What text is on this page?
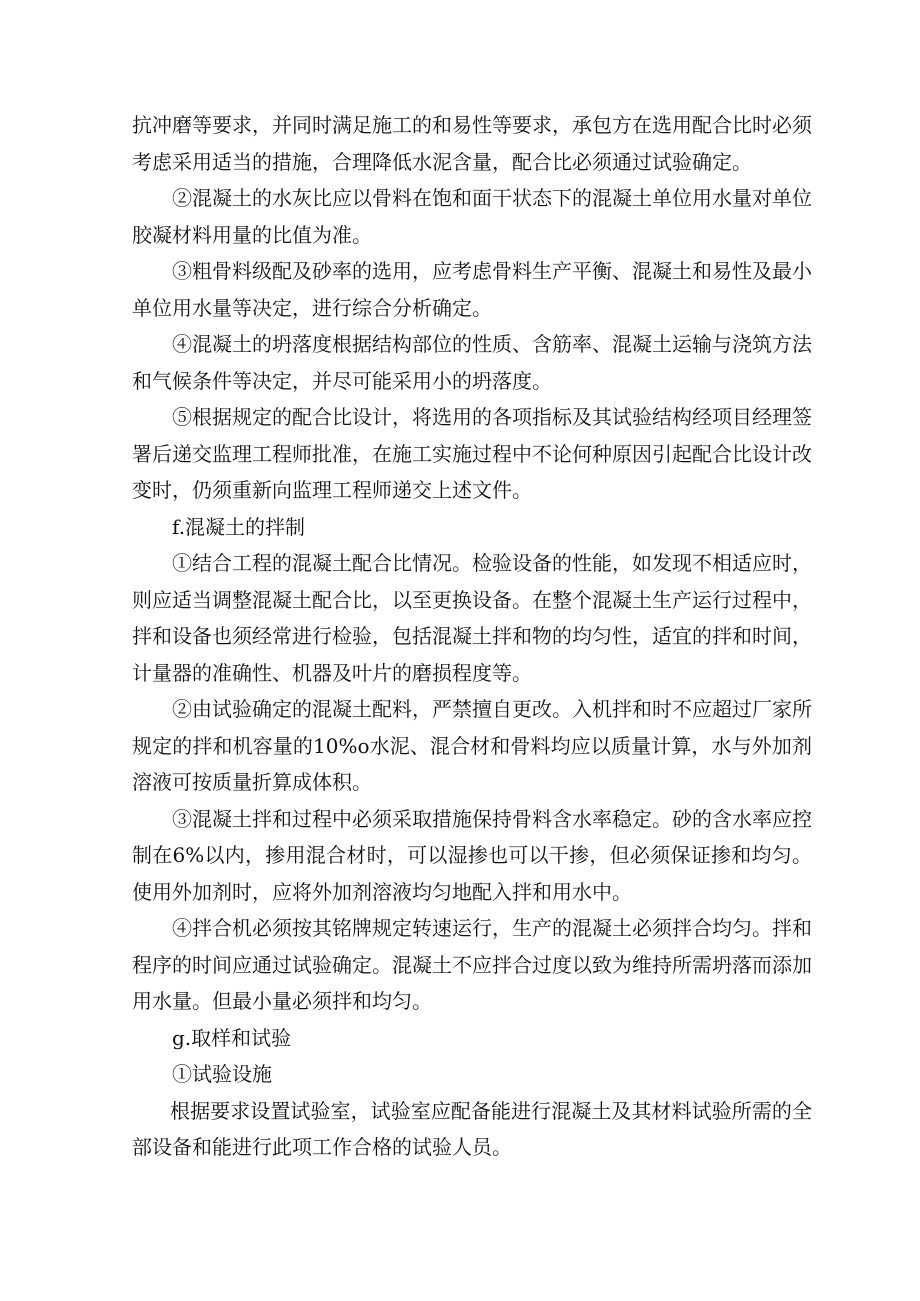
抗冲磨等要求，并同时满足施工的和易性等要求，承包方在选用配合比时必须考虑采用适当的措施，合理降低水泥含量，配合比必须通过试验确定。

②混凝土的水灰比应以骨料在饱和面干状态下的混凝土单位用水量对单位胶凝材料用量的比值为准。

③粗骨料级配及砂率的选用，应考虑骨料生产平衡、混凝土和易性及最小单位用水量等决定，进行综合分析确定。

④混凝土的坍落度根据结构部位的性质、含筋率、混凝土运输与浇筑方法和气候条件等决定，并尽可能采用小的坍落度。

⑤根据规定的配合比设计，将选用的各项指标及其试验结构经项目经理签署后递交监理工程师批准，在施工实施过程中不论何种原因引起配合比设计改变时，仍须重新向监理工程师递交上述文件。

f.混凝土的拌制

①结合工程的混凝土配合比情况。检验设备的性能，如发现不相适应时，则应适当调整混凝土配合比，以至更换设备。在整个混凝土生产运行过程中，拌和设备也须经常进行检验，包括混凝土拌和物的均匀性，适宜的拌和时间，计量器的准确性、机器及叶片的磨损程度等。

②由试验确定的混凝土配料，严禁擅自更改。入机拌和时不应超过厂家所规定的拌和机容量的10%o水泥、混合材和骨料均应以质量计算，水与外加剂溶液可按质量折算成体积。

③混凝土拌和过程中必须采取措施保持骨料含水率稳定。砂的含水率应控制在6%以内，掺用混合材时，可以湿掺也可以干掺，但必须保证掺和均匀。使用外加剂时，应将外加剂溶液均匀地配入拌和用水中。

④拌合机必须按其铭牌规定转速运行，生产的混凝土必须拌合均匀。拌和程序的时间应通过试验确定。混凝土不应拌合过度以致为维持所需坍落而添加用水量。但最小量必须拌和均匀。

g.取样和试验

①试验设施

根据要求设置试验室，试验室应配备能进行混凝土及其材料试验所需的全部设备和能进行此项工作合格的试验人员。
